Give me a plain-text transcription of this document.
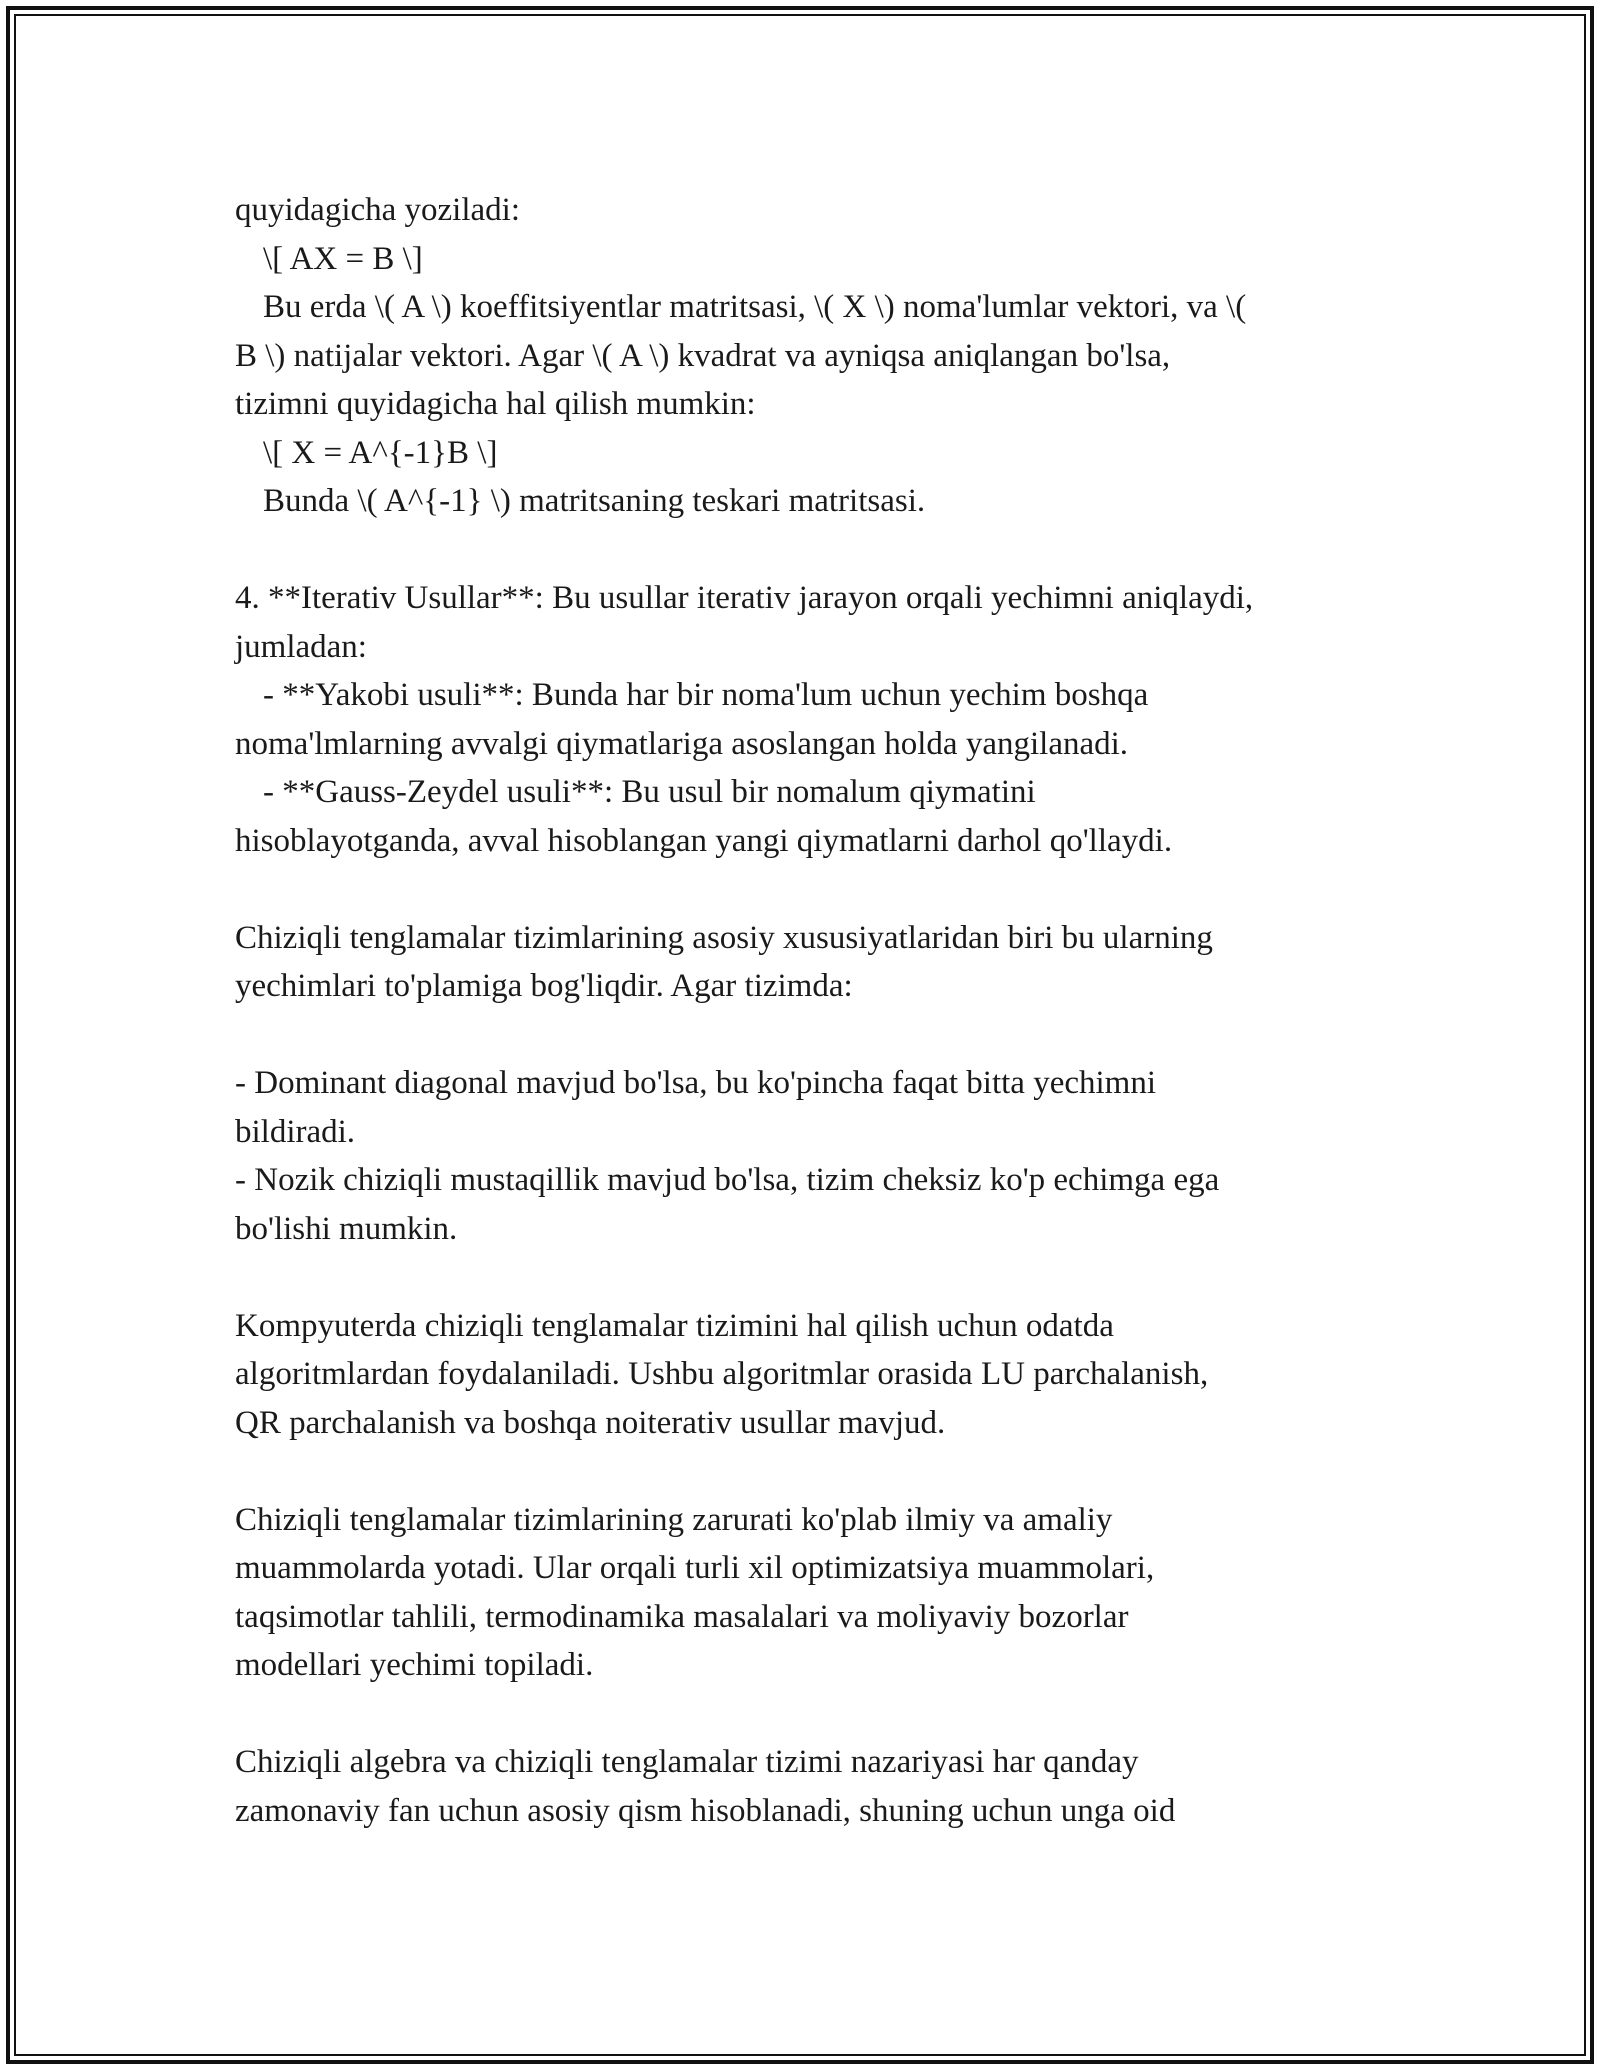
quyidagicha yoziladi:
\[ AX = B \]
Bu erda \( A \) koeffitsiyentlar matritsasi, \( X \) noma'lumlar vektori, va \(
B \) natijalar vektori. Agar \( A \) kvadrat va ayniqsa aniqlangan bo'lsa,
tizimni quyidagicha hal qilish mumkin:
\[ X = A^{-1}B \]
Bunda \( A^{-1} \) matritsaning teskari matritsasi.
4. **Iterativ Usullar**: Bu usullar iterativ jarayon orqali yechimni aniqlaydi,
jumladan:
- **Yakobi usuli**: Bunda har bir noma'lum uchun yechim boshqa
noma'lmlarning avvalgi qiymatlariga asoslangan holda yangilanadi.
- **Gauss-Zeydel usuli**: Bu usul bir nomalum qiymatini
hisoblayotganda, avval hisoblangan yangi qiymatlarni darhol qo'llaydi.
Chiziqli tenglamalar tizimlarining asosiy xususiyatlaridan biri bu ularning
yechimlari to'plamiga bog'liqdir. Agar tizimda:
- Dominant diagonal mavjud bo'lsa, bu ko'pincha faqat bitta yechimni
bildiradi.
- Nozik chiziqli mustaqillik mavjud bo'lsa, tizim cheksiz ko'p echimga ega
bo'lishi mumkin.
Kompyuterda chiziqli tenglamalar tizimini hal qilish uchun odatda
algoritmlardan foydalaniladi. Ushbu algoritmlar orasida LU parchalanish,
QR parchalanish va boshqa noiterativ usullar mavjud.
Chiziqli tenglamalar tizimlarining zarurati ko'plab ilmiy va amaliy
muammolarda yotadi. Ular orqali turli xil optimizatsiya muammolari,
taqsimotlar tahlili, termodinamika masalalari va moliyaviy bozorlar
modellari yechimi topiladi.
Chiziqli algebra va chiziqli tenglamalar tizimi nazariyasi har qanday
zamonaviy fan uchun asosiy qism hisoblanadi, shuning uchun unga oid
